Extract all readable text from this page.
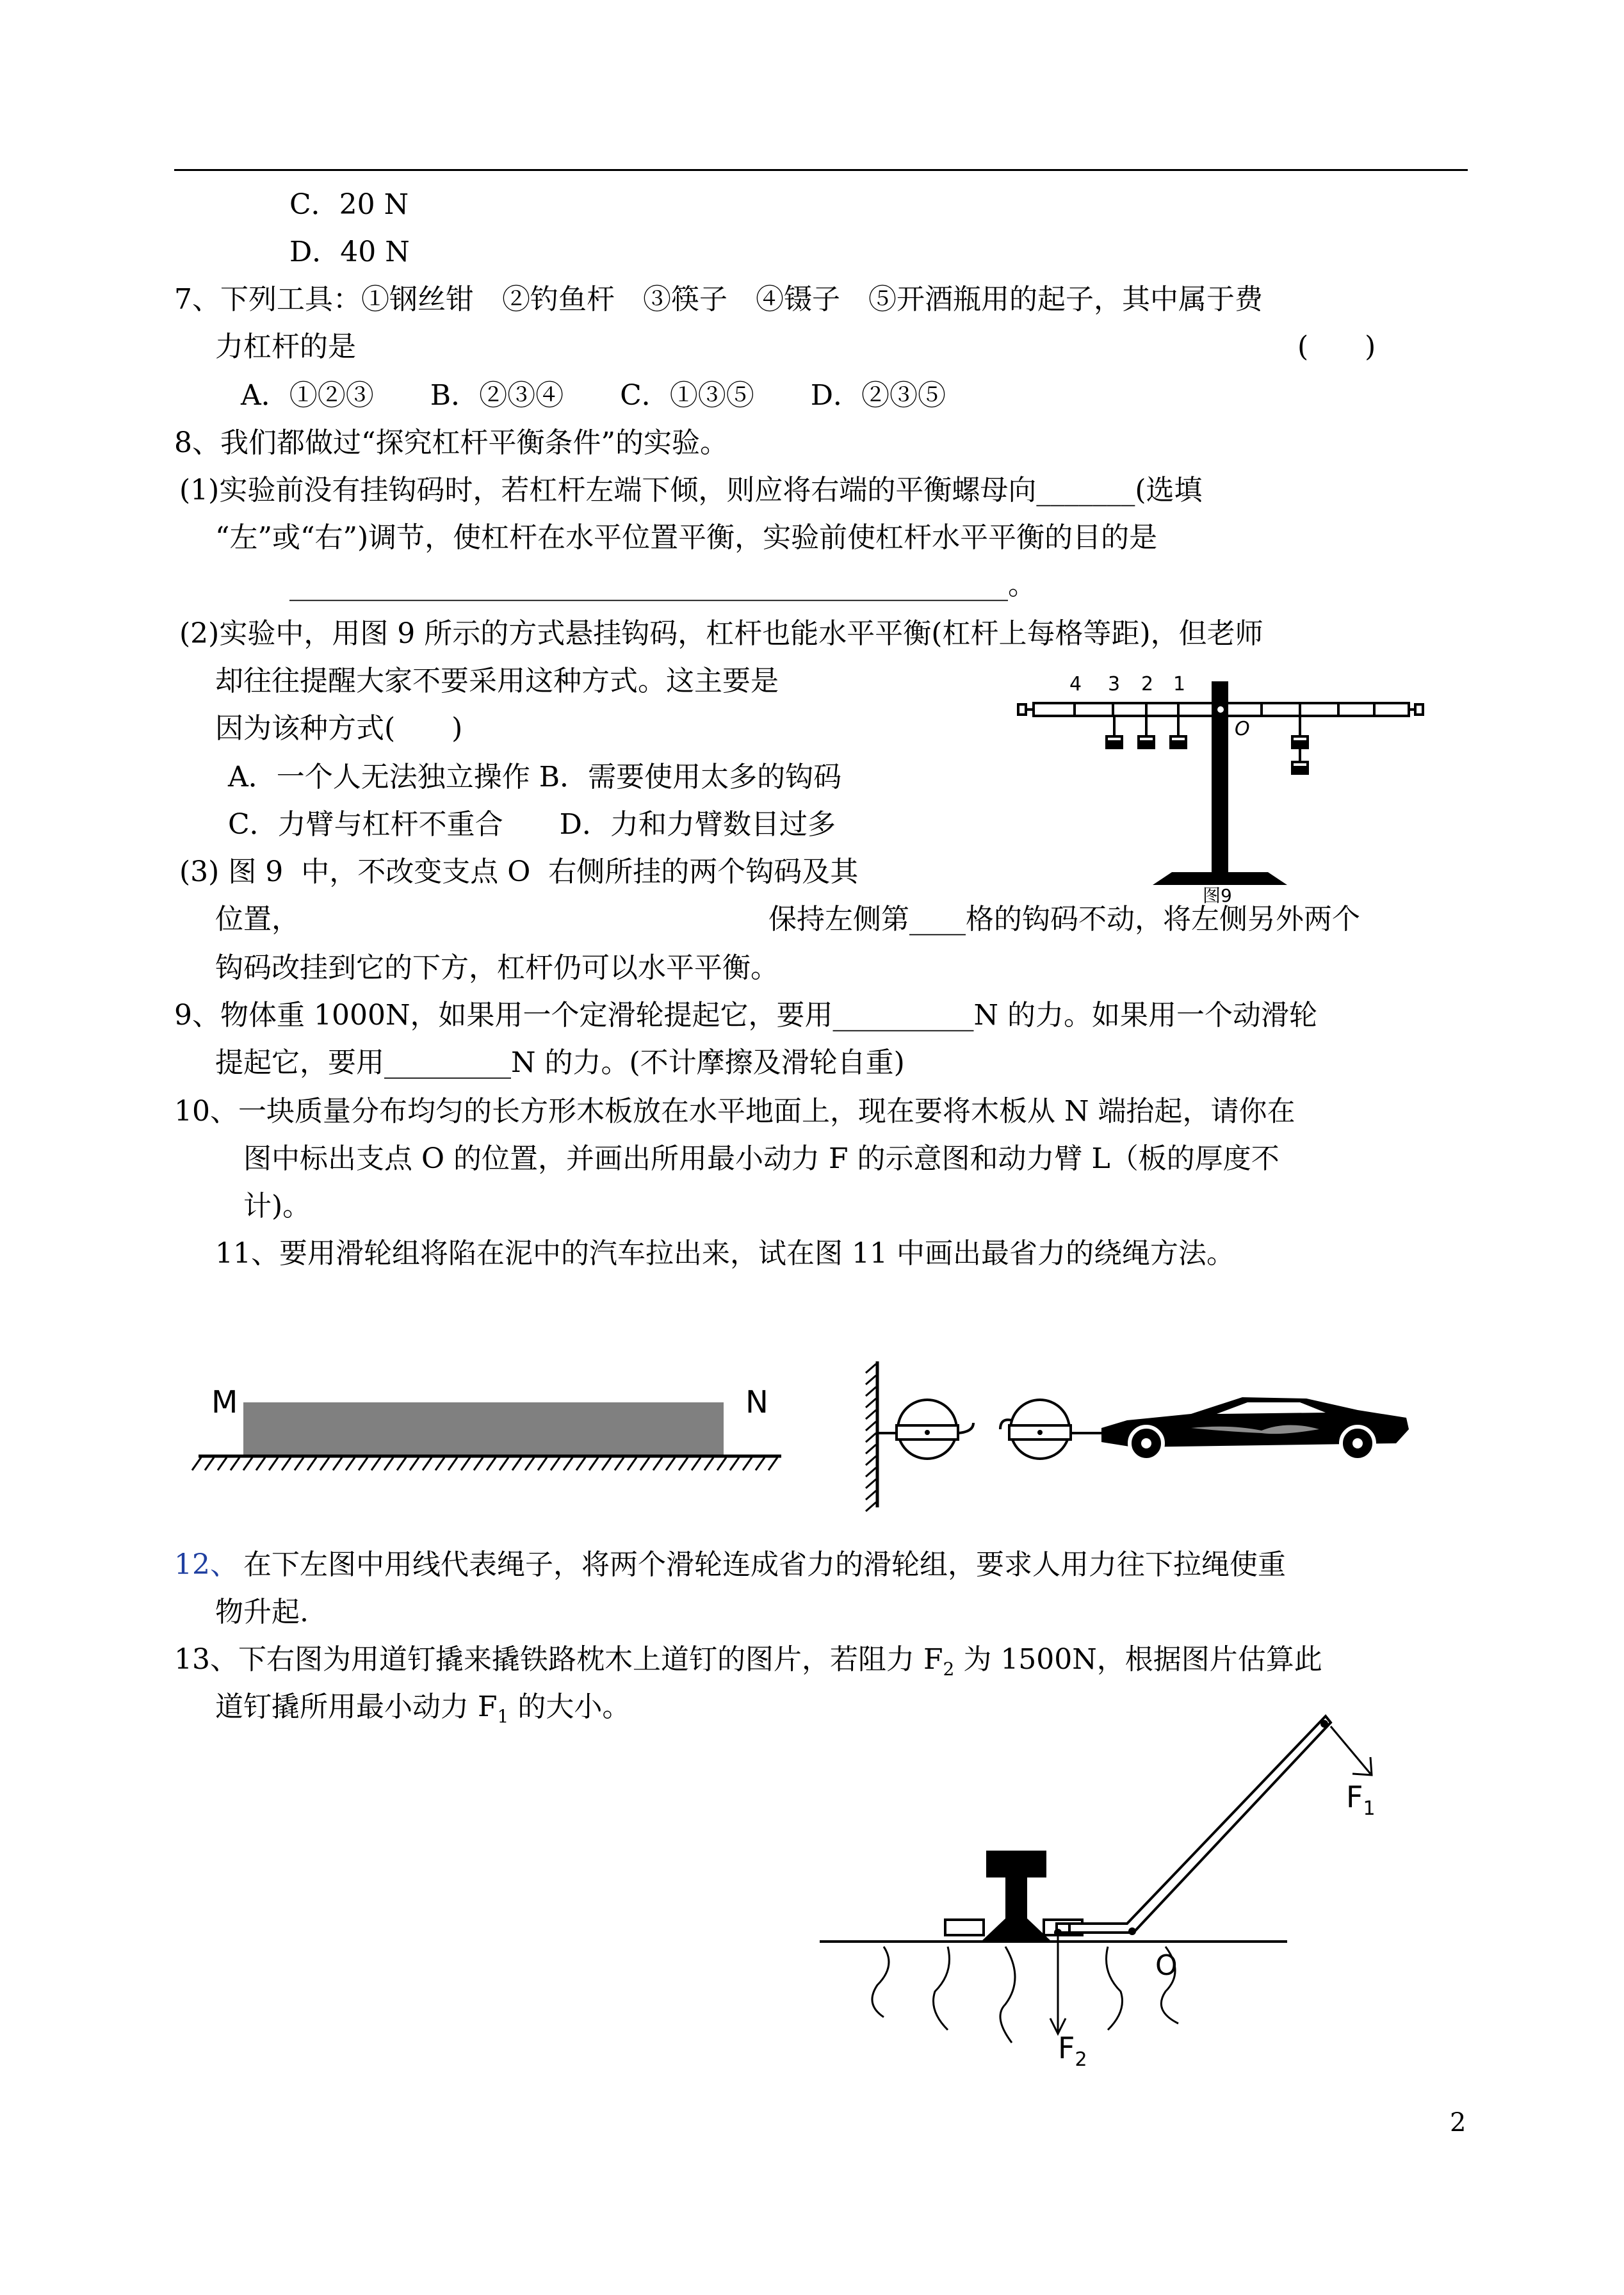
C．20 N
D．40 N
7、下列工具：①钢丝钳　②钓鱼杆　③筷子　④镊子　⑤开酒瓶用的起子，其中属于费
力杠杆的是	(　　)
A．①②③　　B．②③④　　C．①③⑤　　D．②③⑤
8、我们都做过“探究杠杆平衡条件”的实验。
(1)实验前没有挂钩码时，若杠杆左端下倾，则应将右端的平衡螺母向_______(选填
“左”或“右”)调节，使杠杆在水平位置平衡，实验前使杠杆水平平衡的目的是
___________________________________________________。
(2)实验中，用图 9 所示的方式悬挂钩码，杠杆也能水平平衡(杠杆上每格等距)，但老师
却往往提醒大家不要采用这种方式。这主要是
因为该种方式(　　)
A．一个人无法独立操作 B．需要使用太多的钩码
C．力臂与杠杆不重合　　D．力和力臂数目过多
(3) 图 9  中，不改变支点 O  右侧所挂的两个钩码及其
位置，	保持左侧第____格的钩码不动，将左侧另外两个
钩码改挂到它的下方，杠杆仍可以水平平衡。
4 3 2 1
O
图9
9、物体重 1000N，如果用一个定滑轮提起它，要用__________N 的力。如果用一个动滑轮
提起它，要用_________N 的力。(不计摩擦及滑轮自重)
10、一块质量分布均匀的长方形木板放在水平地面上，现在要将木板从 N 端抬起，请你在
图中标出支点 O 的位置，并画出所用最小动力 F 的示意图和动力臂 L（板的厚度不
计)。
11、要用滑轮组将陷在泥中的汽车拉出来，试在图 11 中画出最省力的绕绳方法。
M	N
12、 在下左图中用线代表绳子，将两个滑轮连成省力的滑轮组，要求人用力往下拉绳使重
物升起.
13、下右图为用道钉撬来撬铁路枕木上道钉的图片，若阻力 $F_2$ 为 1500N，根据图片估算此
道钉撬所用最小动力 $F_1$ 的大小。
$F_1$
$F_2$
O
2
